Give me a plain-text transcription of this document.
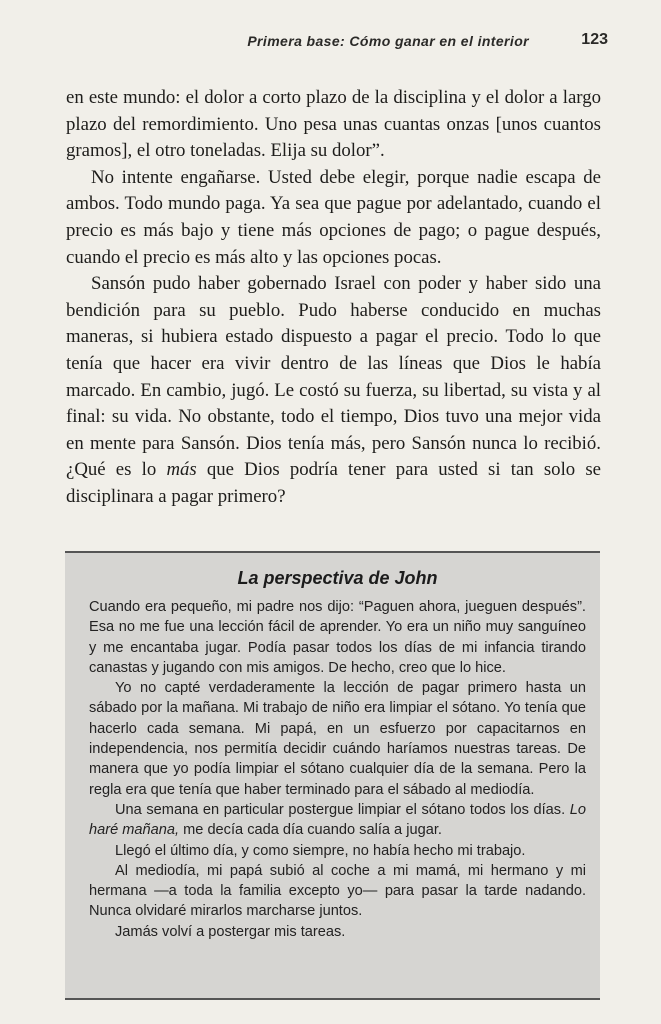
Primera base: Cómo ganar en el interior	123

en este mundo: el dolor a corto plazo de la disciplina y el dolor a largo plazo del remordimiento. Uno pesa unas cuantas onzas [unos cuantos gramos], el otro toneladas. Elija su dolor”.

No intente engañarse. Usted debe elegir, porque nadie escapa de ambos. Todo mundo paga. Ya sea que pague por adelantado, cuando el precio es más bajo y tiene más opciones de pago; o pague después, cuando el precio es más alto y las opciones pocas.

Sansón pudo haber gobernado Israel con poder y haber sido una bendición para su pueblo. Pudo haberse conducido en muchas maneras, si hubiera estado dispuesto a pagar el precio. Todo lo que tenía que hacer era vivir dentro de las líneas que Dios le había marcado. En cambio, jugó. Le costó su fuerza, su libertad, su vista y al final: su vida. No obstante, todo el tiempo, Dios tuvo una mejor vida en mente para Sansón. Dios tenía más, pero Sansón nunca lo recibió. ¿Qué es lo más que Dios podría tener para usted si tan solo se disciplinara a pagar primero?

La perspectiva de John

Cuando era pequeño, mi padre nos dijo: “Paguen ahora, jueguen después”. Esa no me fue una lección fácil de aprender. Yo era un niño muy sanguíneo y me encantaba jugar. Podía pasar todos los días de mi infancia tirando canastas y jugando con mis amigos. De hecho, creo que lo hice.

Yo no capté verdaderamente la lección de pagar primero hasta un sábado por la mañana. Mi trabajo de niño era limpiar el sótano. Yo tenía que hacerlo cada semana. Mi papá, en un esfuerzo por capacitarnos en independencia, nos permitía decidir cuándo haríamos nuestras tareas. De manera que yo podía limpiar el sótano cualquier día de la semana. Pero la regla era que tenía que haber terminado para el sábado al mediodía.

Una semana en particular postergue limpiar el sótano todos los días. Lo haré mañana, me decía cada día cuando salía a jugar.

Llegó el último día, y como siempre, no había hecho mi trabajo.

Al mediodía, mi papá subió al coche a mi mamá, mi hermano y mi hermana —a toda la familia excepto yo— para pasar la tarde nadando. Nunca olvidaré mirarlos marcharse juntos.

Jamás volví a postergar mis tareas.
